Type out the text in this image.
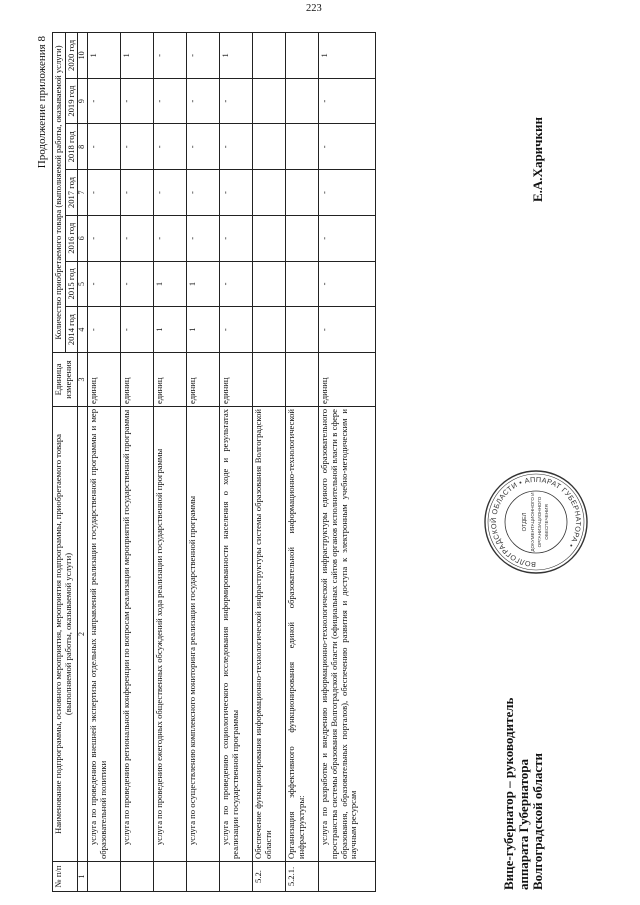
223
Продолжение приложения 8
№ п/п	Наименование подпрограммы, основного мероприятия, мероприятия подпрограммы, приобретаемого товара (выполняемой работы, оказываемой услуги)	Единица измерения	Количество приобретаемого товара (выполняемой работы, оказываемой услуги)						
			2014 год	2015 год	2016 год	2017 год	2018 год	2019 год	2020 год
1	2	3	4	5	6	7	8	9	10
	услуга по проведению внешней экспертизы отдельных направлений реализации государственной программы и мер образовательной политики	единиц	-	-	-	-	-	-	1
	услуга по проведению региональной конференции по вопросам реализации мероприятий государственной программы	единиц	-	-	-	-	-	-	1
	услуга по проведению ежегодных общественных обсуждений хода реализации государственной программы	единиц	1	1	-	-	-	-	-
	услуга по осуществлению комплексного мониторинга реализации государственной программы	единиц	1	1	-	-	-	-	-
	услуга по проведению социологического исследования информированности населения о ходе и результатах реализации государственной программы	единиц	-	-	-	-	-	-	1
5.2.	Обеспечение функционирования информационно-технологической инфраструктуры системы образования Волгоградской области								
5.2.1.	Организация эффективного функционирования единой образовательной информационно-технологической инфраструктуры:								
	услуга по разработке и внедрению информационно-технологической инфраструктуры единого образовательного пространства системы образования Волгоградской области (официальных сайтов органов исполнительной власти в сфере образования, образовательных порталов), обеспечению развития и доступа к электронным учебно-методическим и научным ресурсам	единиц	-	-	-	-	-	-	1
Вице-губернатор – руководитель аппарата Губернатора Волгоградской области
ВОЛГОГРАДСКОЙ ОБЛАСТИ • АППАРАТ ГУБЕРНАТОРА •
ОТДЕЛ ДОКУМЕНТАЦИОННОГО И ОРГАНИЗАЦИОННОГО ОБЕСПЕЧЕНИЯ
Е.А.Харичкин
